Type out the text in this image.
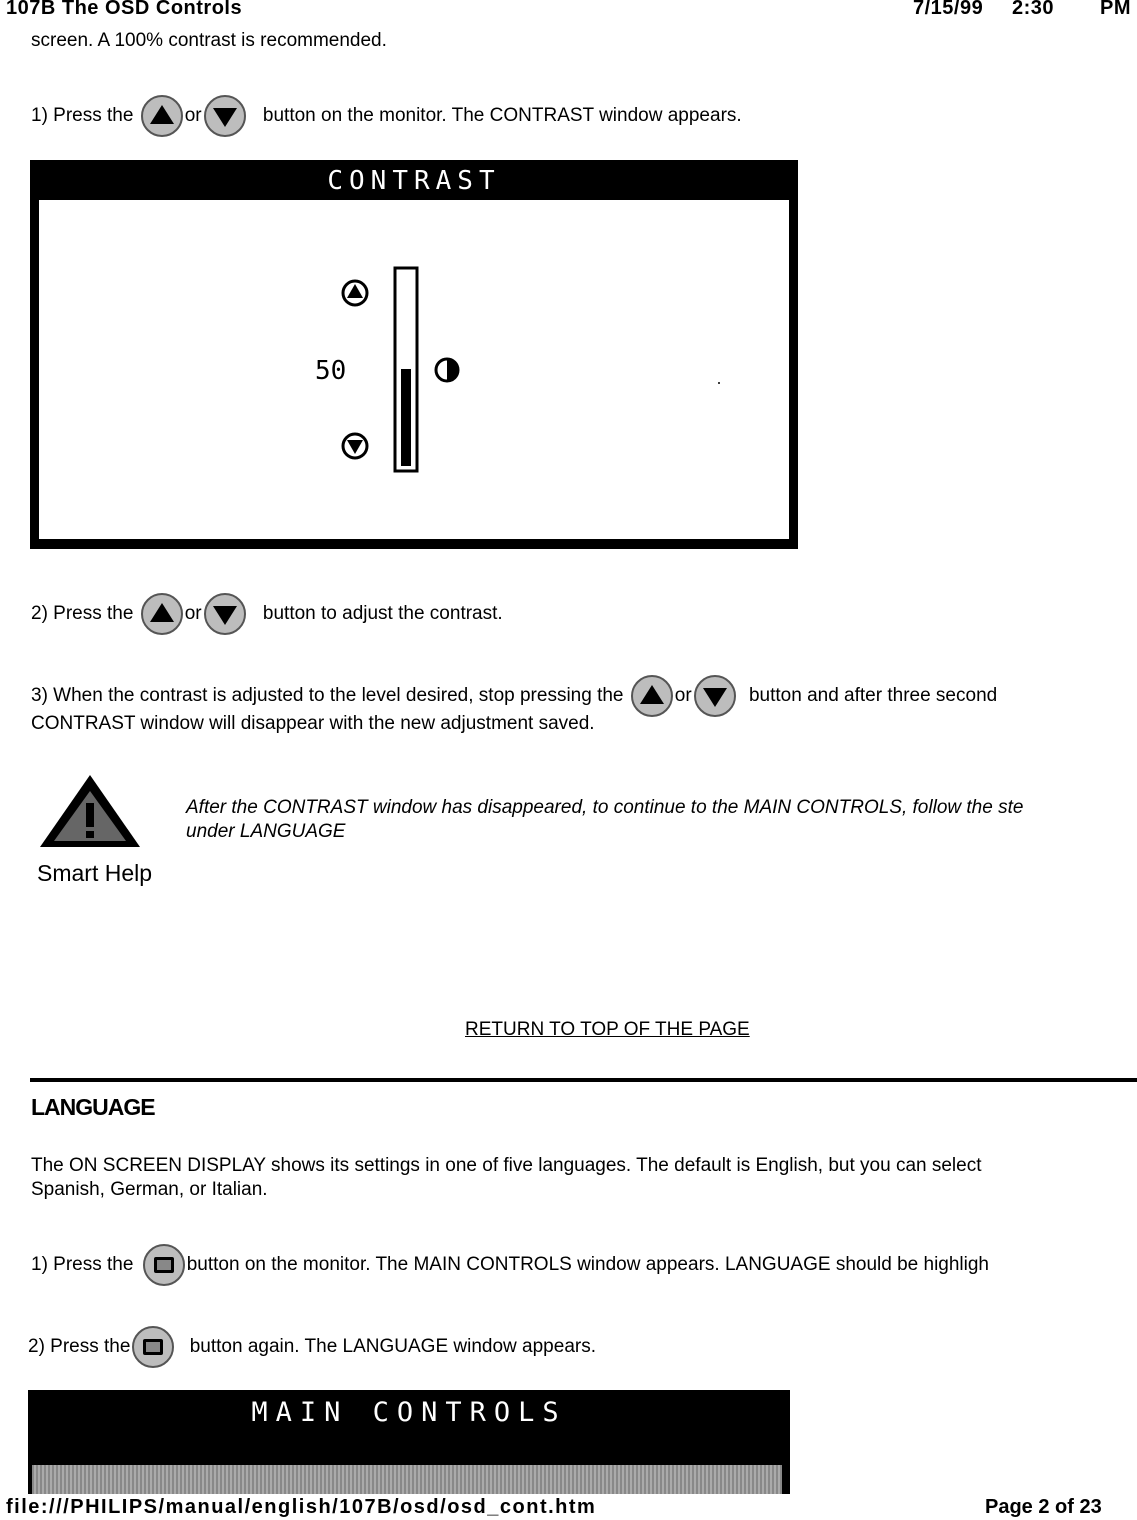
107B The OSD Controls	7/15/99 2:30 PM
screen. A 100% contrast is recommended.
1) Press the	or	button on the monitor. The CONTRAST window appears.
CONTRAST
50
2) Press the	or	button to adjust the contrast.
3) When the contrast is adjusted to the level desired, stop pressing the	or	button and after three second
CONTRAST window will disappear with the new adjustment saved.
Smart Help
After the CONTRAST window has disappeared, to continue to the MAIN CONTROLS, follow the ste
under LANGUAGE
RETURN TO TOP OF THE PAGE
LANGUAGE
The ON SCREEN DISPLAY shows its settings in one of five languages. The default is English, but you can select
Spanish, German, or Italian.
1) Press the	button on the monitor. The MAIN CONTROLS window appears. LANGUAGE should be highligh
2) Press the	button again. The LANGUAGE window appears.
MAIN CONTROLS
file:///PHILIPS/manual/english/107B/osd/osd_cont.htm	Page 2 of 23
